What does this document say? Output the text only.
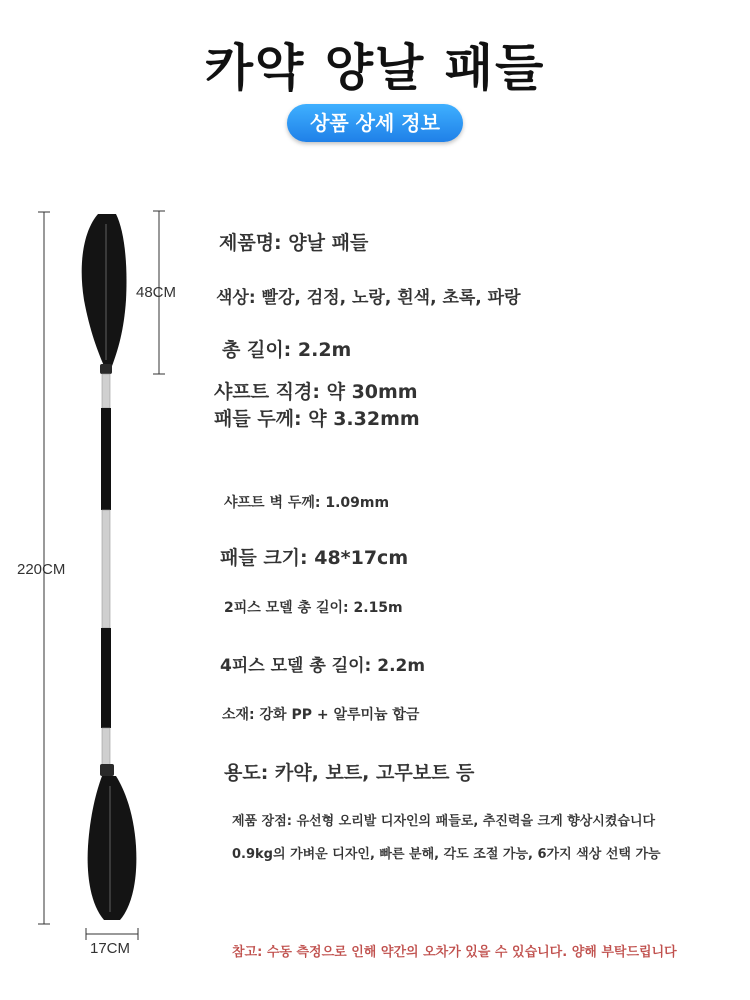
카약 양날 패들
상품 상세 정보
48CM
220CM
17CM
제품명: 양날 패들
색상: 빨강, 검정, 노랑, 흰색, 초록, 파랑
총 길이: 2.2m
샤프트 직경: 약 30mm
패들 두께: 약 3.32mm
샤프트 벽 두께: 1.09mm
패들 크기: 48*17cm
2피스 모델 총 길이: 2.15m
4피스 모델 총 길이: 2.2m
소재: 강화 PP + 알루미늄 합금
용도: 카약, 보트, 고무보트 등
제품 장점: 유선형 오리발 디자인의 패들로, 추진력을 크게 향상시켰습니다
0.9kg의 가벼운 디자인, 빠른 분해, 각도 조절 가능, 6가지 색상 선택 가능
참고: 수동 측정으로 인해 약간의 오차가 있을 수 있습니다. 양해 부탁드립니다
